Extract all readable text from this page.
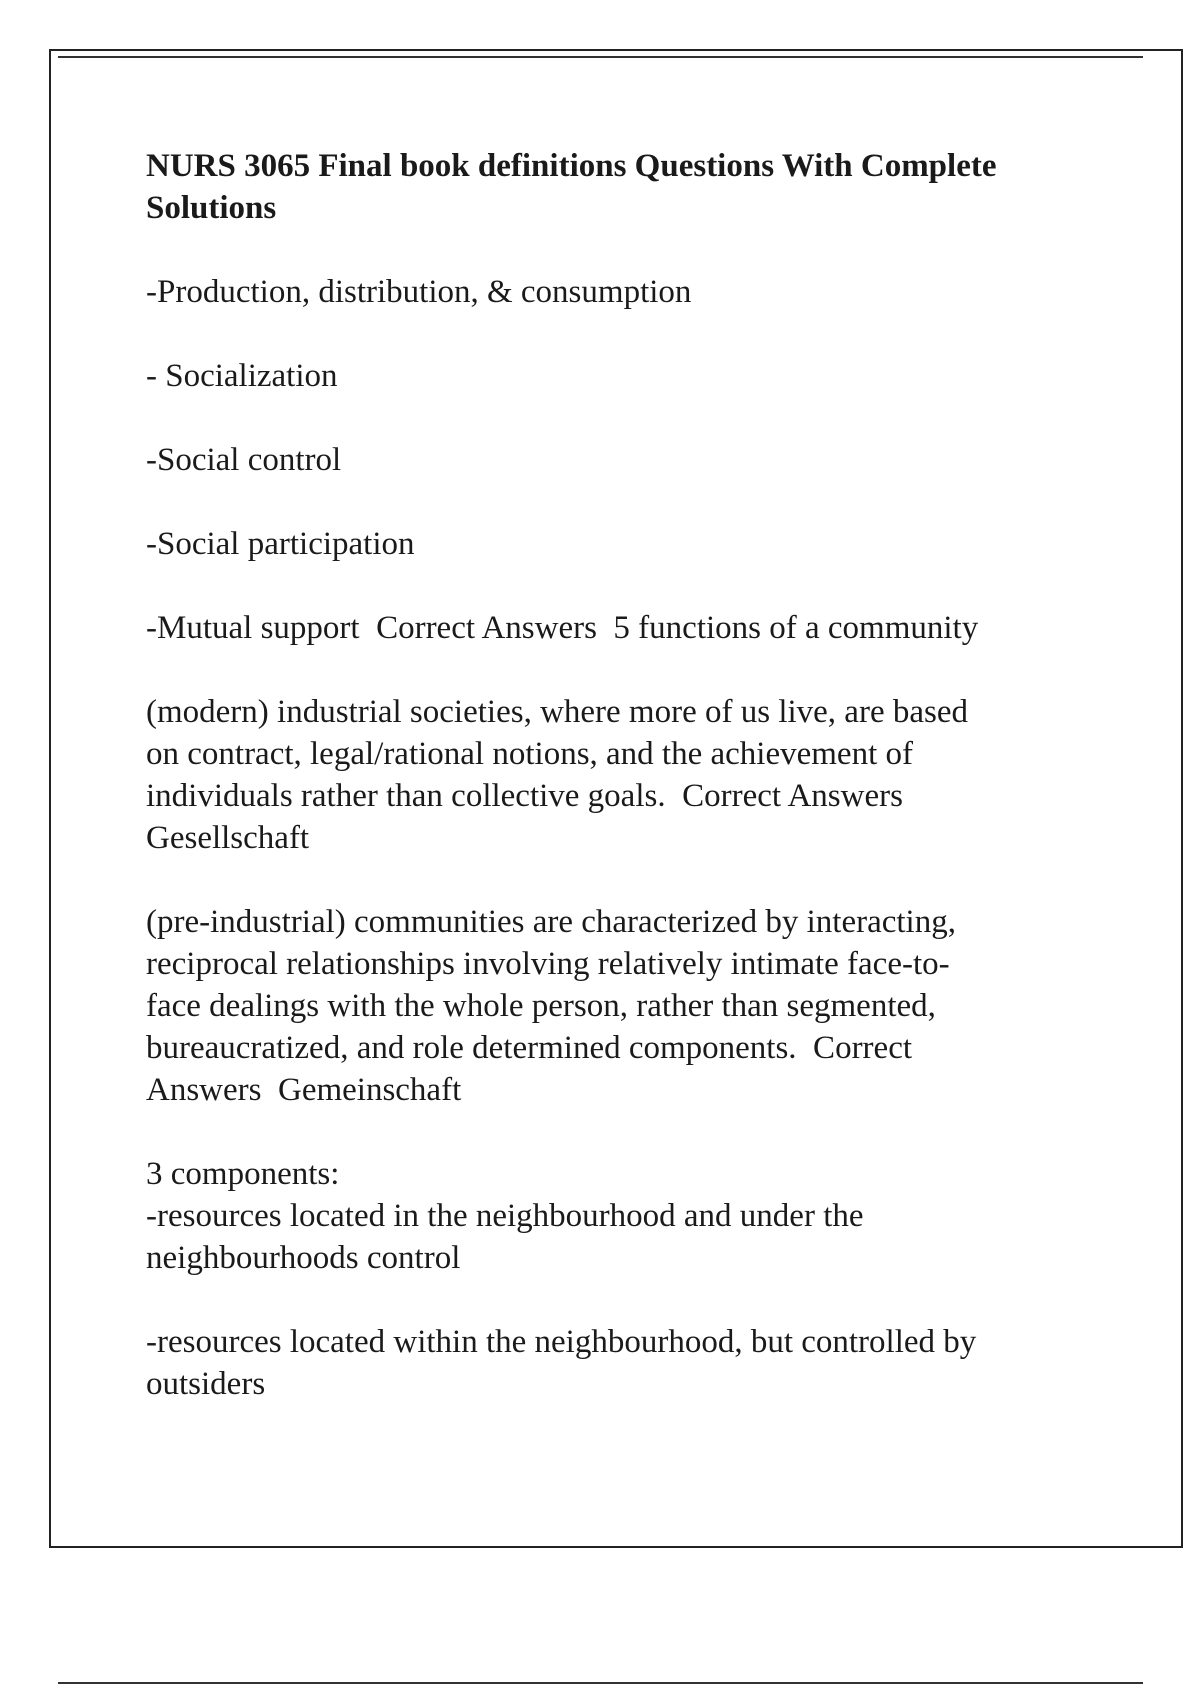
NURS 3065 Final book definitions Questions With Complete
Solutions

-Production, distribution, & consumption

- Socialization

-Social control

-Social participation

-Mutual support  Correct Answers  5 functions of a community

(modern) industrial societies, where more of us live, are based
on contract, legal/rational notions, and the achievement of
individuals rather than collective goals.  Correct Answers
Gesellschaft

(pre-industrial) communities are characterized by interacting,
reciprocal relationships involving relatively intimate face-to-
face dealings with the whole person, rather than segmented,
bureaucratized, and role determined components.  Correct
Answers  Gemeinschaft

3 components:
-resources located in the neighbourhood and under the
neighbourhoods control

-resources located within the neighbourhood, but controlled by
outsiders
